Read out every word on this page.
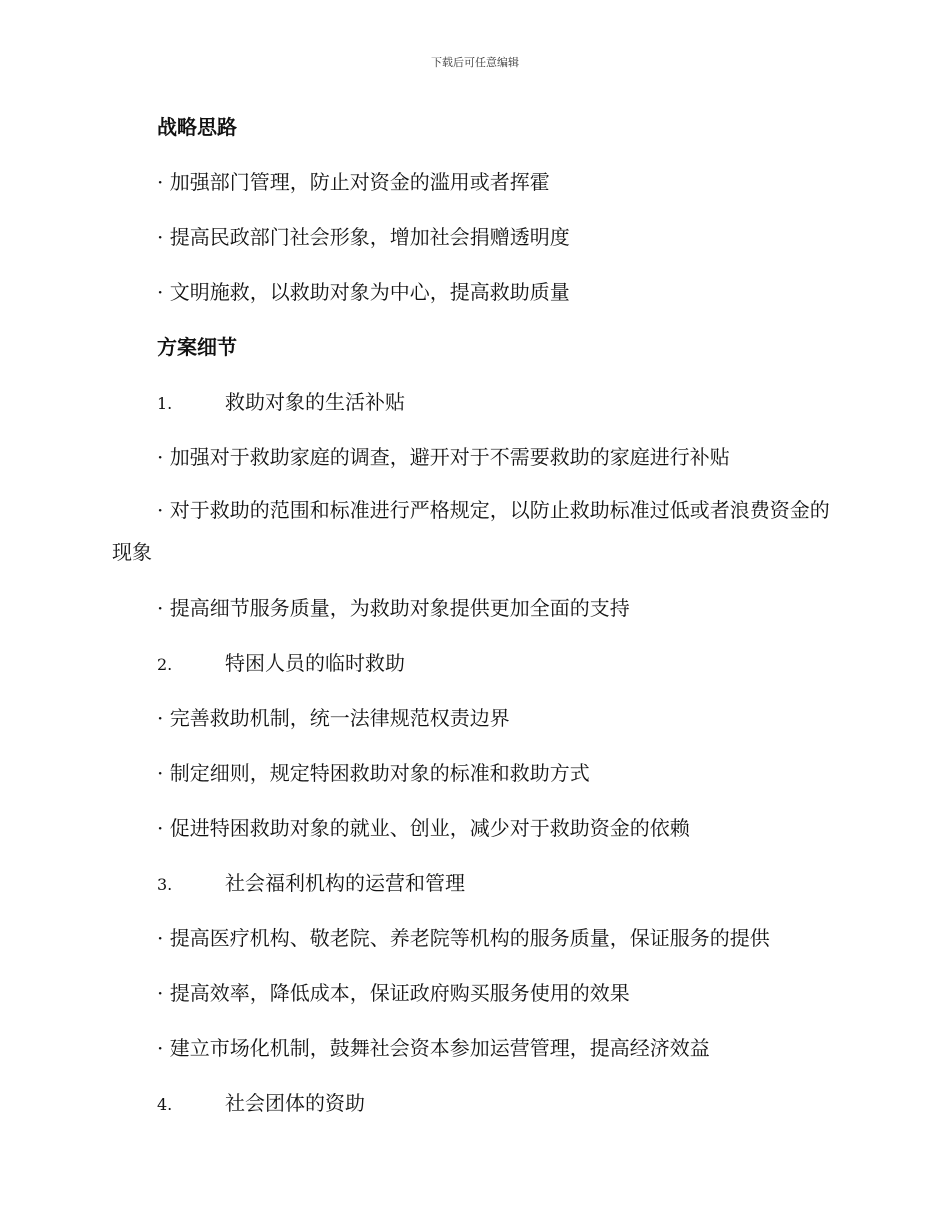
下载后可任意编辑
战略思路
· 加强部门管理，防止对资金的滥用或者挥霍
· 提高民政部门社会形象，增加社会捐赠透明度
· 文明施救，以救助对象为中心，提高救助质量
方案细节
1.	救助对象的生活补贴
· 加强对于救助家庭的调查，避开对于不需要救助的家庭进行补贴
· 对于救助的范围和标准进行严格规定，以防止救助标准过低或者浪费资金的现象
· 提高细节服务质量，为救助对象提供更加全面的支持
2.	特困人员的临时救助
· 完善救助机制，统一法律规范权责边界
· 制定细则，规定特困救助对象的标准和救助方式
· 促进特困救助对象的就业、创业，减少对于救助资金的依赖
3.	社会福利机构的运营和管理
· 提高医疗机构、敬老院、养老院等机构的服务质量，保证服务的提供
· 提高效率，降低成本，保证政府购买服务使用的效果
· 建立市场化机制，鼓舞社会资本参加运营管理，提高经济效益
4.	社会团体的资助
